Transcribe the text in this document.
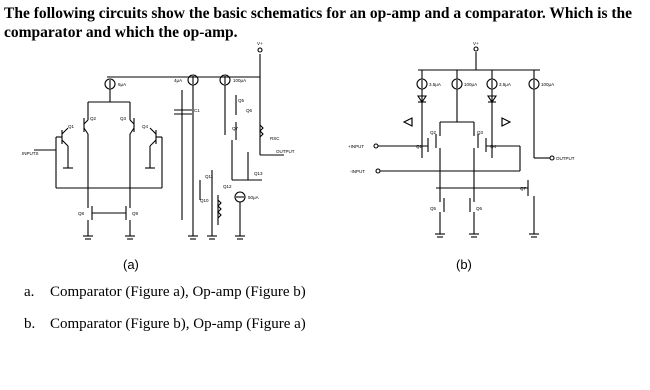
The following circuits show the basic schematics for an op-amp and a comparator. Which is the comparator and which the op-amp.

V+
6μA
4μA	100μA
Q2	Q3
Q1	Q4
INPUTS
Q8	Q9
C1
Q11
Q10
Q12
Q5
Q6
Q7
RSC
OUTPUT
Q13
50μA
V+
3.5μA	100μA	3.5μA	100μA
Q2	Q3
Q1	Q4
+INPUT
-INPUT
Q5	Q6
OUTPUT
Q7
(a)	(b)
a.	Comparator (Figure a), Op-amp (Figure b)
b. Comparator (Figure b), Op-amp (Figure a)
